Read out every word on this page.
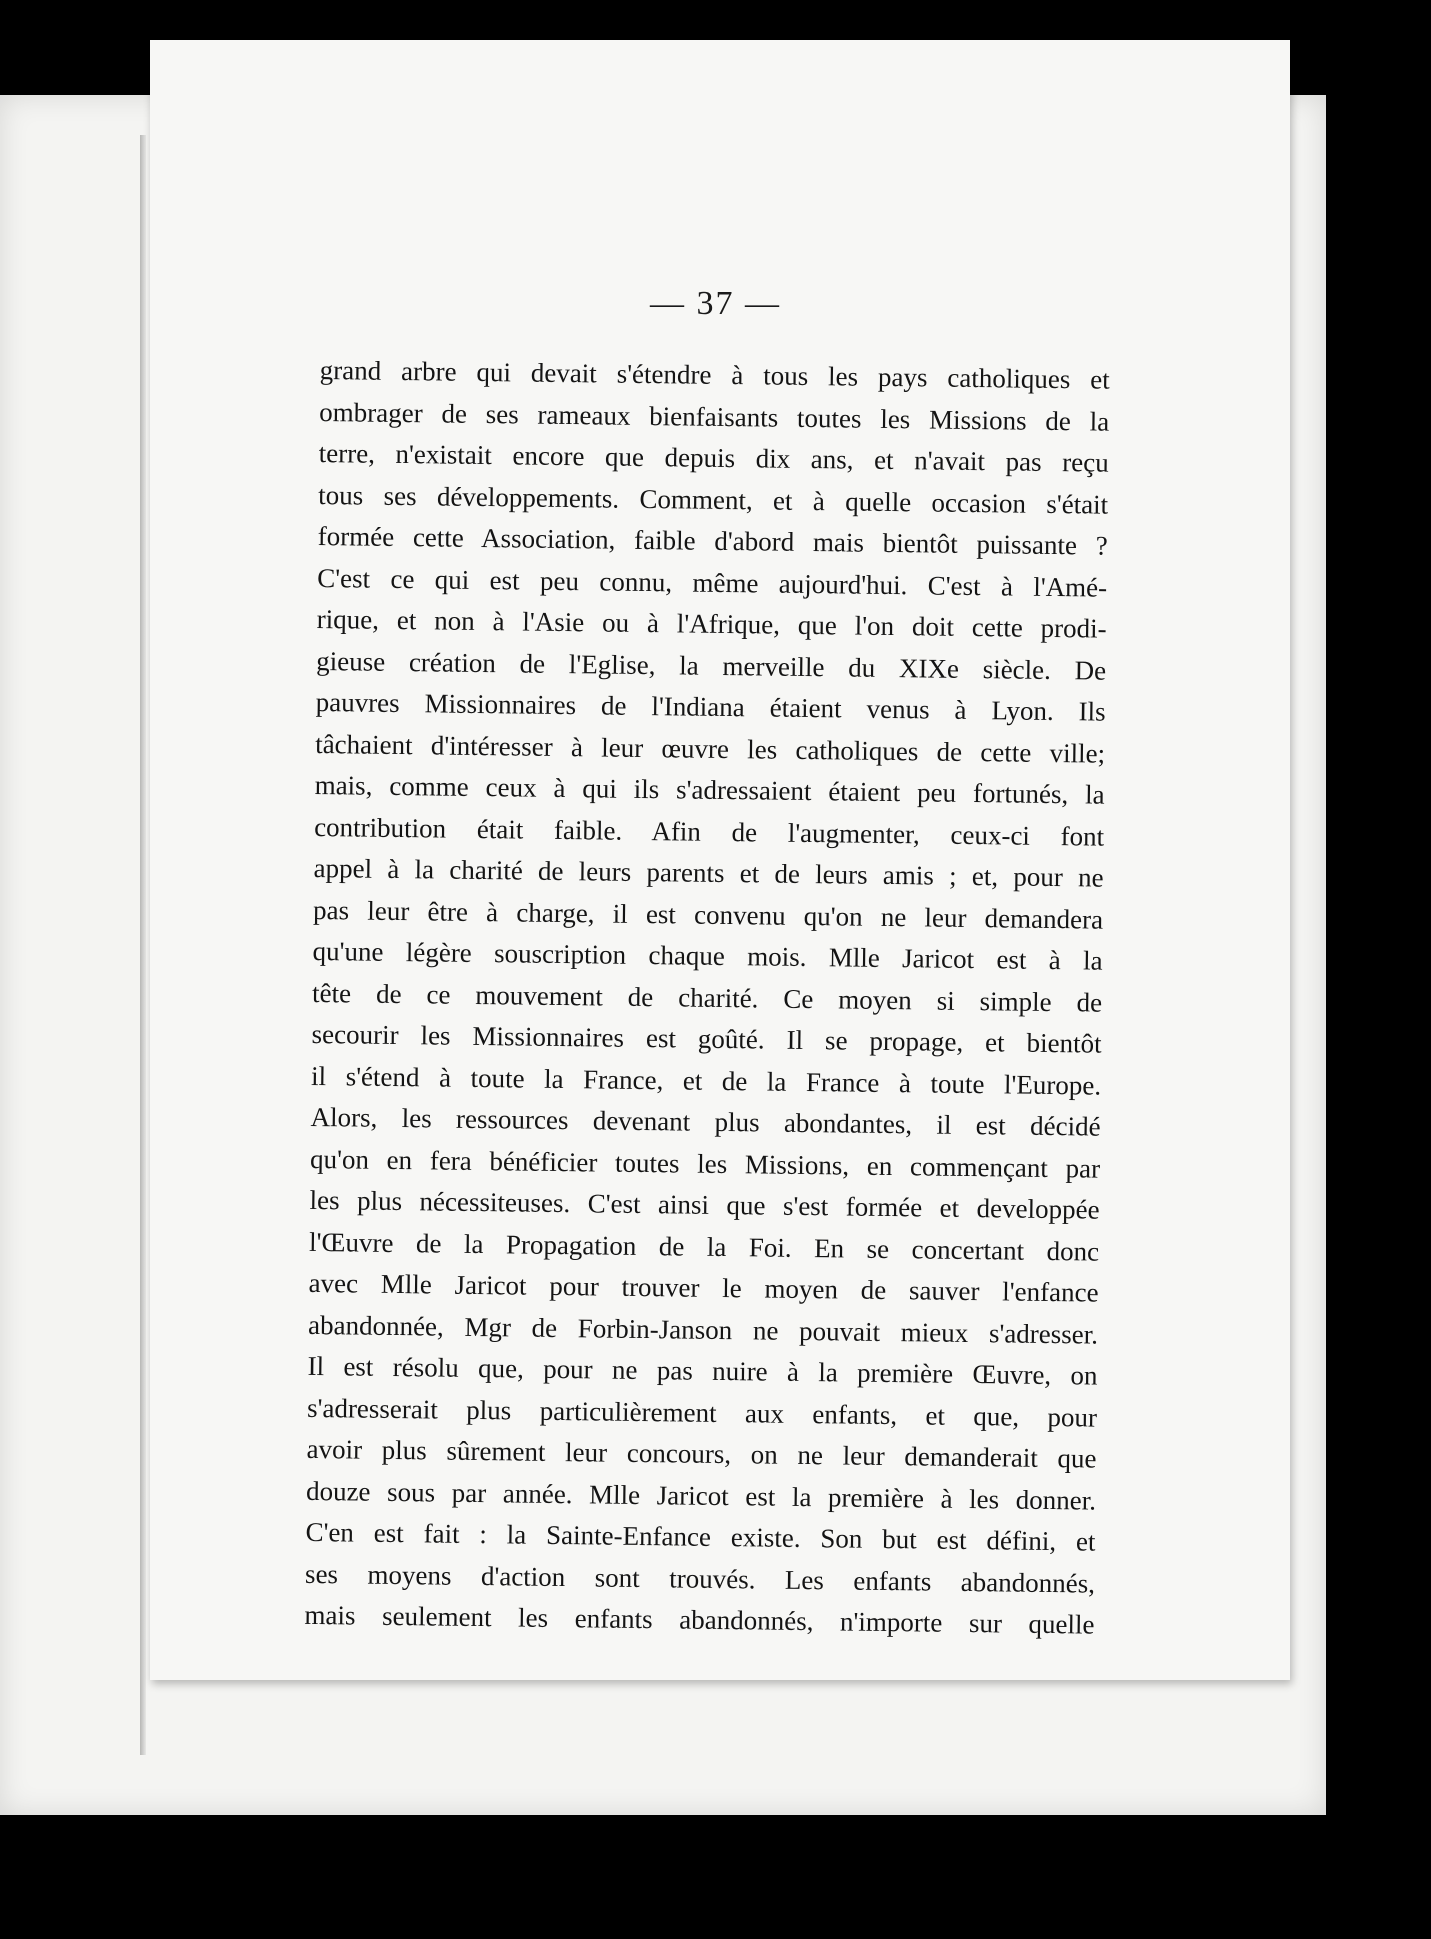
— 37 —
grand arbre qui devait s'étendre à tous les pays catholiques et
ombrager de ses rameaux bienfaisants toutes les Missions de la
terre, n'existait encore que depuis dix ans, et n'avait pas reçu
tous ses développements. Comment, et à quelle occasion s'était
formée cette Association, faible d'abord mais bientôt puissante ?
C'est ce qui est peu connu, même aujourd'hui. C'est à l'Amé-
rique, et non à l'Asie ou à l'Afrique, que l'on doit cette prodi-
gieuse création de l'Eglise, la merveille du XIXe siècle. De
pauvres Missionnaires de l'Indiana étaient venus à Lyon. Ils
tâchaient d'intéresser à leur œuvre les catholiques de cette ville;
mais, comme ceux à qui ils s'adressaient étaient peu fortunés, la
contribution était faible. Afin de l'augmenter, ceux-ci font
appel à la charité de leurs parents et de leurs amis ; et, pour ne
pas leur être à charge, il est convenu qu'on ne leur demandera
qu'une légère souscription chaque mois. Mlle Jaricot est à la
tête de ce mouvement de charité. Ce moyen si simple de
secourir les Missionnaires est goûté. Il se propage, et bientôt
il s'étend à toute la France, et de la France à toute l'Europe.
Alors, les ressources devenant plus abondantes, il est décidé
qu'on en fera bénéficier toutes les Missions, en commençant par
les plus nécessiteuses. C'est ainsi que s'est formée et developpée
l'Œuvre de la Propagation de la Foi. En se concertant donc
avec Mlle Jaricot pour trouver le moyen de sauver l'enfance
abandonnée, Mgr de Forbin-Janson ne pouvait mieux s'adresser.
Il est résolu que, pour ne pas nuire à la première Œuvre, on
s'adresserait plus particulièrement aux enfants, et que, pour
avoir plus sûrement leur concours, on ne leur demanderait que
douze sous par année. Mlle Jaricot est la première à les donner.
C'en est fait : la Sainte-Enfance existe. Son but est défini, et
ses moyens d'action sont trouvés. Les enfants abandonnés,
mais seulement les enfants abandonnés, n'importe sur quelle
